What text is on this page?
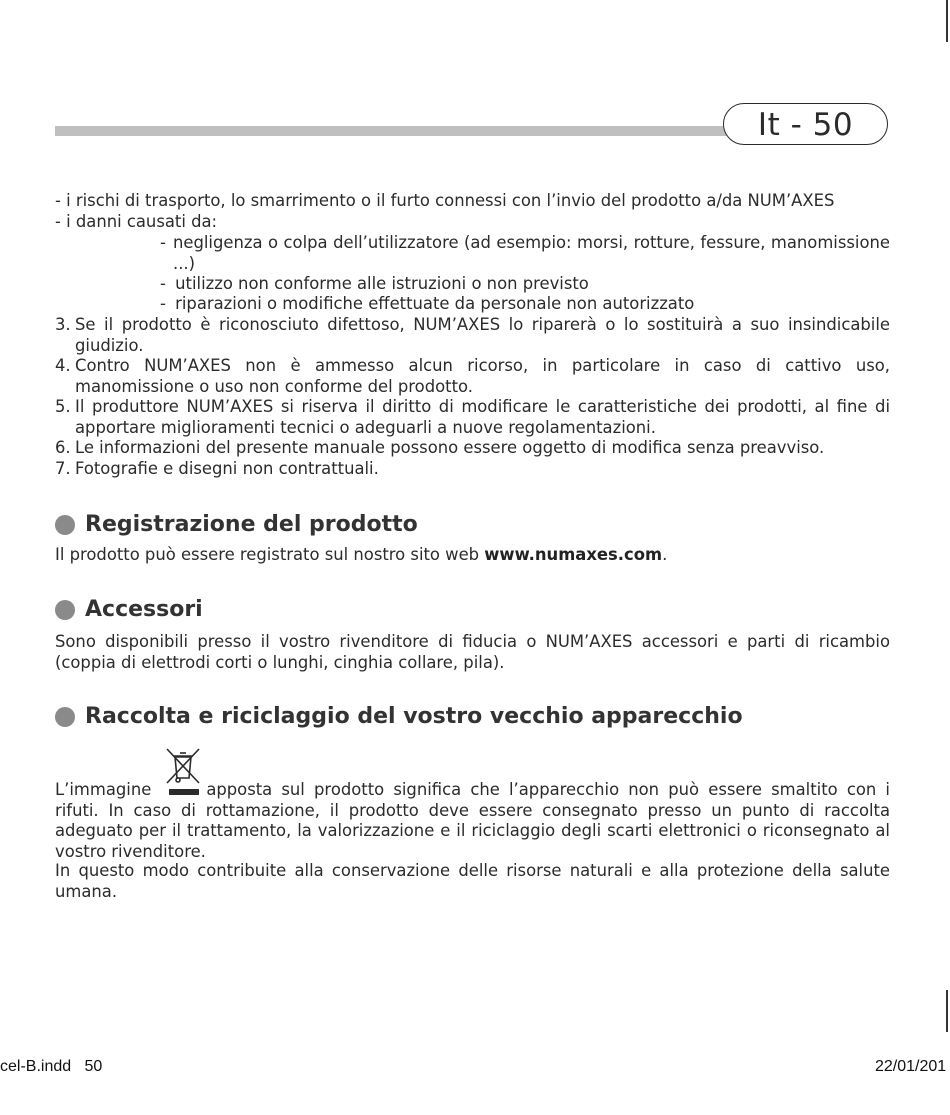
It - 50
- i rischi di trasporto, lo smarrimento o il furto connessi con l’invio del prodotto a/da NUM’AXES
- i danni causati da:
- negligenza o colpa dell’utilizzatore (ad esempio: morsi, rotture, fessure, manomissione ...)
- utilizzo non conforme alle istruzioni o non previsto
- riparazioni o modifiche effettuate da personale non autorizzato
3. Se il prodotto è riconosciuto difettoso, NUM’AXES lo riparerà o lo sostituirà a suo insindicabile giudizio.
4. Contro NUM’AXES non è ammesso alcun ricorso, in particolare in caso di cattivo uso, manomissione o uso non conforme del prodotto.
5. Il produttore NUM’AXES si riserva il diritto di modificare le caratteristiche dei prodotti, al fine di apportare miglioramenti tecnici o adeguarli a nuove regolamentazioni.
6. Le informazioni del presente manuale possono essere oggetto di modifica senza preavviso.
7. Fotografie e disegni non contrattuali.
Registrazione del prodotto
Il prodotto può essere registrato sul nostro sito web www.numaxes.com.
Accessori
Sono disponibili presso il vostro rivenditore di fiducia o NUM’AXES accessori e parti di ricambio (coppia di elettrodi corti o lunghi, cinghia collare, pila).
Raccolta e riciclaggio del vostro vecchio apparecchio
L’immagine	apposta sul prodotto significa che l’apparecchio non può essere smaltito con i rifuti. In caso di rottamazione, il prodotto deve essere consegnato presso un punto di raccolta adeguato per il trattamento, la valorizzazione e il riciclaggio degli scarti elettronici o riconsegnato al vostro rivenditore.
In questo modo contribuite alla conservazione delle risorse naturali e alla protezione della salute umana.
cel-B.indd   50	22/01/201
